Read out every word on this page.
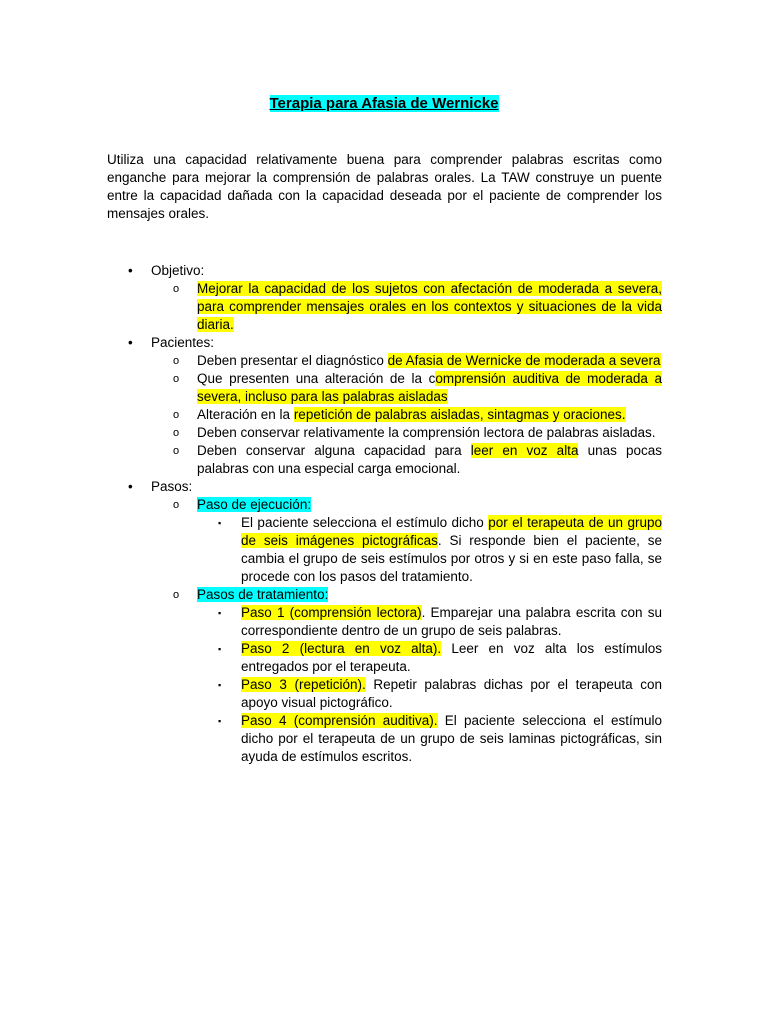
Terapia para Afasia de Wernicke

Utiliza una capacidad relativamente buena para comprender palabras escritas como enganche para mejorar la comprensión de palabras orales. La TAW construye un puente entre la capacidad dañada con la capacidad deseada por el paciente de comprender los mensajes orales.

• Objetivo:
o Mejorar la capacidad de los sujetos con afectación de moderada a severa, para comprender mensajes orales en los contextos y situaciones de la vida diaria.
• Pacientes:
o Deben presentar el diagnóstico de Afasia de Wernicke de moderada a severa
o Que presenten una alteración de la comprensión auditiva de moderada a severa, incluso para las palabras aisladas
o Alteración en la repetición de palabras aisladas, sintagmas y oraciones.
o Deben conservar relativamente la comprensión lectora de palabras aisladas.
o Deben conservar alguna capacidad para leer en voz alta unas pocas palabras con una especial carga emocional.
• Pasos:
o Paso de ejecución:
▪ El paciente selecciona el estímulo dicho por el terapeuta de un grupo de seis imágenes pictográficas. Si responde bien el paciente, se cambia el grupo de seis estímulos por otros y si en este paso falla, se procede con los pasos del tratamiento.
o Pasos de tratamiento:
▪ Paso 1 (comprensión lectora). Emparejar una palabra escrita con su correspondiente dentro de un grupo de seis palabras.
▪ Paso 2 (lectura en voz alta). Leer en voz alta los estímulos entregados por el terapeuta.
▪ Paso 3 (repetición). Repetir palabras dichas por el terapeuta con apoyo visual pictográfico.
▪ Paso 4 (comprensión auditiva). El paciente selecciona el estímulo dicho por el terapeuta de un grupo de seis laminas pictográficas, sin ayuda de estímulos escritos.
